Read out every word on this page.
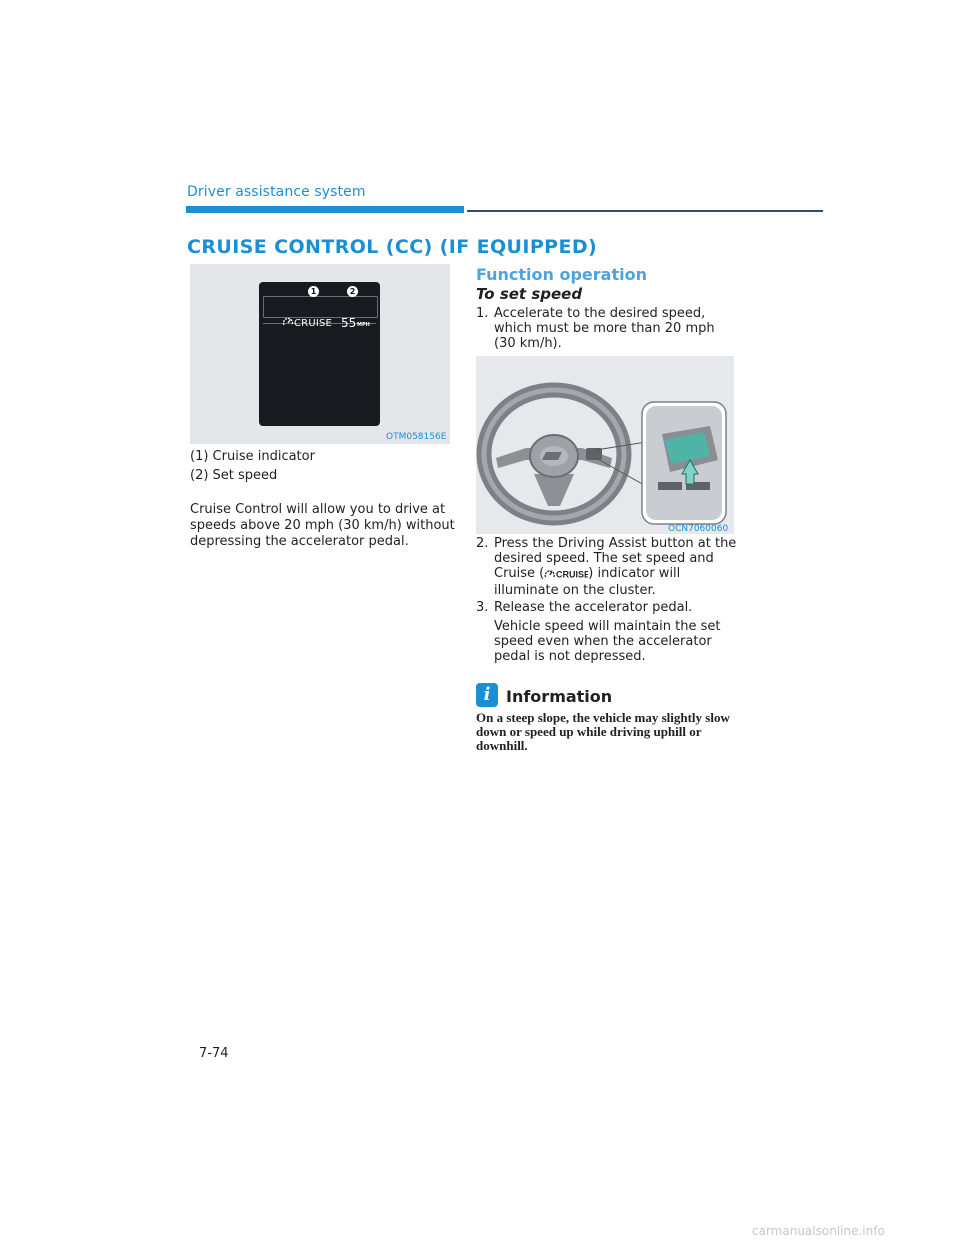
Driver assistance system
CRUISE CONTROL (CC) (IF EQUIPPED)
1	2
CRUISE 55 MPH
OTM058156E
(1) Cruise indicator
(2) Set speed
Cruise Control will allow you to drive at speeds above 20 mph (30 km/h) without depressing the accelerator pedal.
Function operation
To set speed
1. Accelerate to the desired speed, which must be more than 20 mph (30 km/h).
OCN7060060
2. Press the Driving Assist button at the desired speed. The set speed and Cruise ( CRUISE
) indicator will illuminate on the cluster.
3. Release the accelerator pedal.
Vehicle speed will maintain the set speed even when the accelerator pedal is not depressed.
i Information
On a steep slope, the vehicle may slightly slow down or speed up while driving uphill or downhill.
7-74
carmanualsonline.info
